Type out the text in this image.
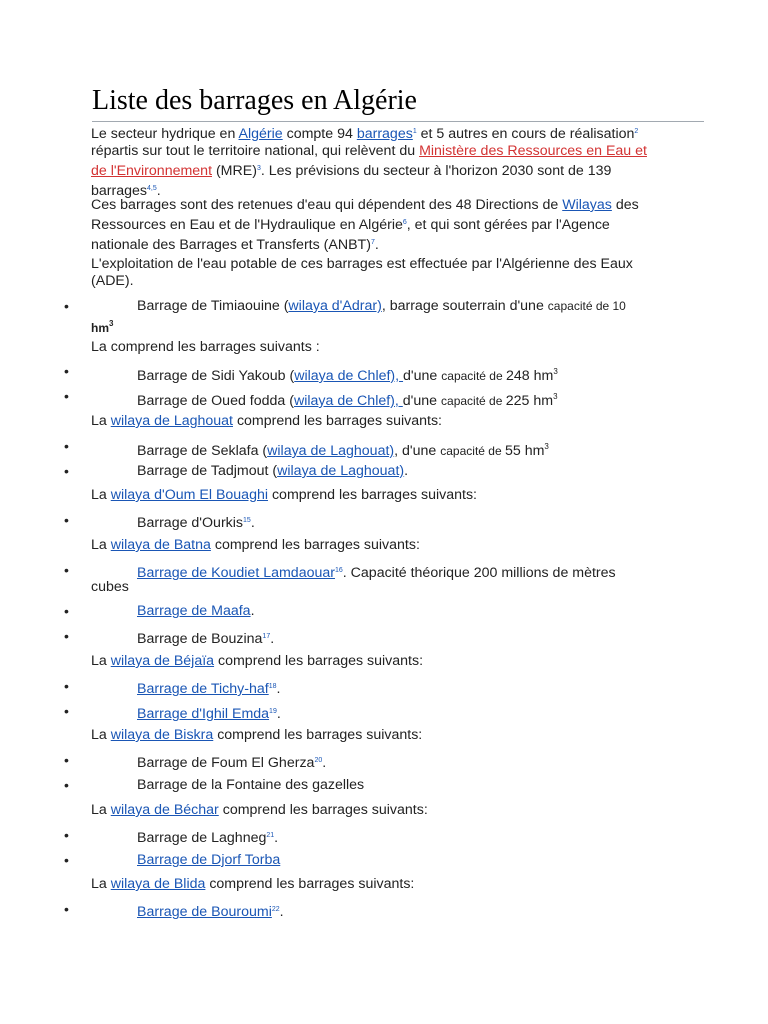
Liste des barrages en Algérie

Le secteur hydrique en Algérie compte 94 barrages$^1$ et 5 autres en cours de réalisation$^2$ répartis sur tout le territoire national, qui relèvent du Ministère des Ressources en Eau et de l'Environnement (MRE)$^3$. Les prévisions du secteur à l'horizon 2030 sont de 139 barrages$^{4,5}$.

Ces barrages sont des retenues d'eau qui dépendent des 48 Directions de Wilayas des Ressources en Eau et de l'Hydraulique en Algérie$^6$, et qui sont gérées par l'Agence nationale des Barrages et Transferts (ANBT)$^7$.

L'exploitation de l'eau potable de ces barrages est effectuée par l'Algérienne des Eaux (ADE).

•	Barrage de Timiaouine (wilaya d'Adrar), barrage souterrain d'une capacité de 10
$hm^3$
La comprend les barrages suivants :
•	Barrage de Sidi Yakoub (wilaya de Chlef), d'une capacité de 248 $hm^3$
•	Barrage de Oued fodda (wilaya de Chlef), d'une capacité de 225 $hm^3$
La wilaya de Laghouat comprend les barrages suivants:
•	Barrage de Seklafa (wilaya de Laghouat), d'une capacité de 55 $hm^3$
•	Barrage de Tadjmout (wilaya de Laghouat).
La wilaya d'Oum El Bouaghi comprend les barrages suivants:
•	Barrage d'Ourkis$^{15}$.
La wilaya de Batna comprend les barrages suivants:
•	Barrage de Koudiet Lamdaouar$^{16}$. Capacité théorique 200 millions de mètres
cubes
•	Barrage de Maafa.
•	Barrage de Bouzina$^{17}$.
La wilaya de Béjaïa comprend les barrages suivants:
•	Barrage de Tichy-haf$^{18}$.
•	Barrage d'Ighil Emda$^{19}$.
La wilaya de Biskra comprend les barrages suivants:
•	Barrage de Foum El Gherza$^{20}$.
•	Barrage de la Fontaine des gazelles
La wilaya de Béchar comprend les barrages suivants:
•	Barrage de Laghneg$^{21}$.
•	Barrage de Djorf Torba
La wilaya de Blida comprend les barrages suivants:
•	Barrage de Bouroumi$^{22}$.
